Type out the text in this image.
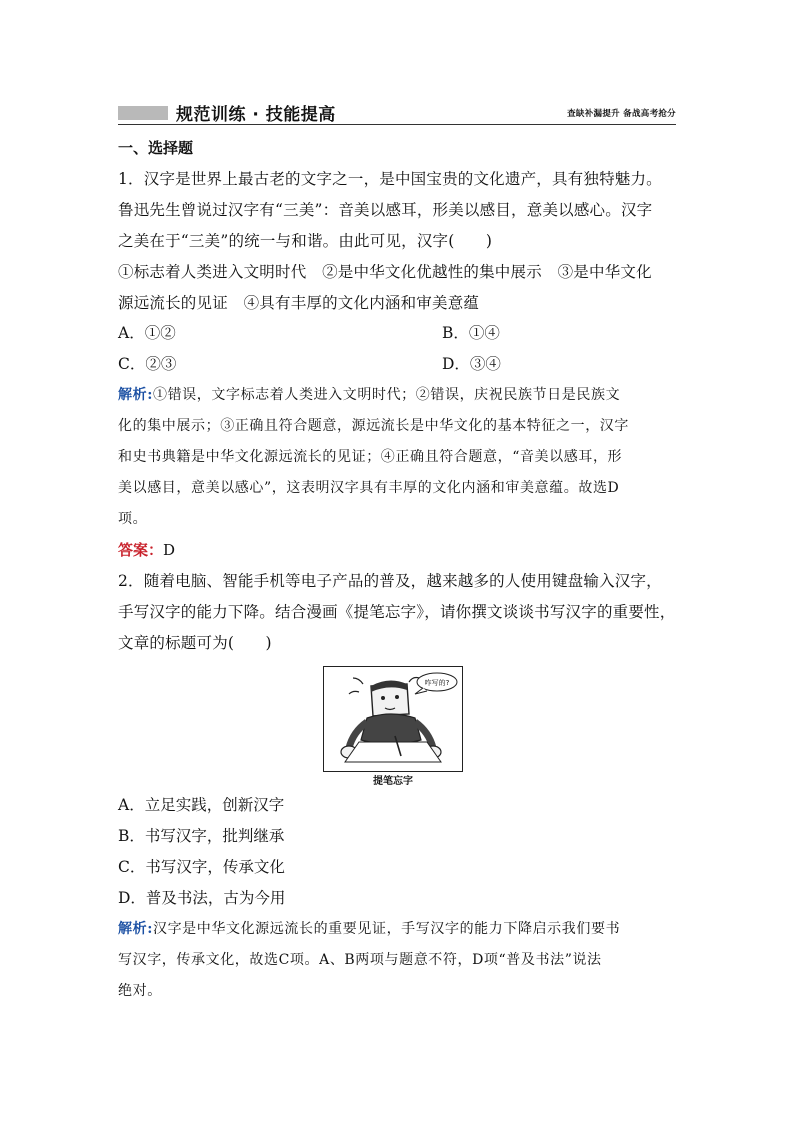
规范训练 · 技能提高	查缺补漏提升 备战高考抢分
一、选择题
1．汉字是世界上最古老的文字之一，是中国宝贵的文化遗产，具有独特魅力。
鲁迅先生曾说过汉字有“三美”：音美以感耳，形美以感目，意美以感心。汉字
之美在于“三美”的统一与和谐。由此可见，汉字(　　)
①标志着人类进入文明时代　②是中华文化优越性的集中展示　③是中华文化
源远流长的见证　④具有丰厚的文化内涵和审美意蕴
A．①②	B．①④
C．②③	D．③④
解析:①错误，文字标志着人类进入文明时代；②错误，庆祝民族节日是民族文
化的集中展示；③正确且符合题意，源远流长是中华文化的基本特征之一，汉字
和史书典籍是中华文化源远流长的见证；④正确且符合题意，“音美以感耳，形
美以感目，意美以感心”，这表明汉字具有丰厚的文化内涵和审美意蕴。故选D
项。
答案：D
2．随着电脑、智能手机等电子产品的普及，越来越多的人使用键盘输入汉字，
手写汉字的能力下降。结合漫画《提笔忘字》，请你撰文谈谈书写汉字的重要性，
文章的标题可为(　　)
咋写的?
提笔忘字
A．立足实践，创新汉字
B．书写汉字，批判继承
C．书写汉字，传承文化
D．普及书法，古为今用
解析:汉字是中华文化源远流长的重要见证，手写汉字的能力下降启示我们要书
写汉字，传承文化，故选C项。A、B两项与题意不符，D项“普及书法”说法
绝对。
